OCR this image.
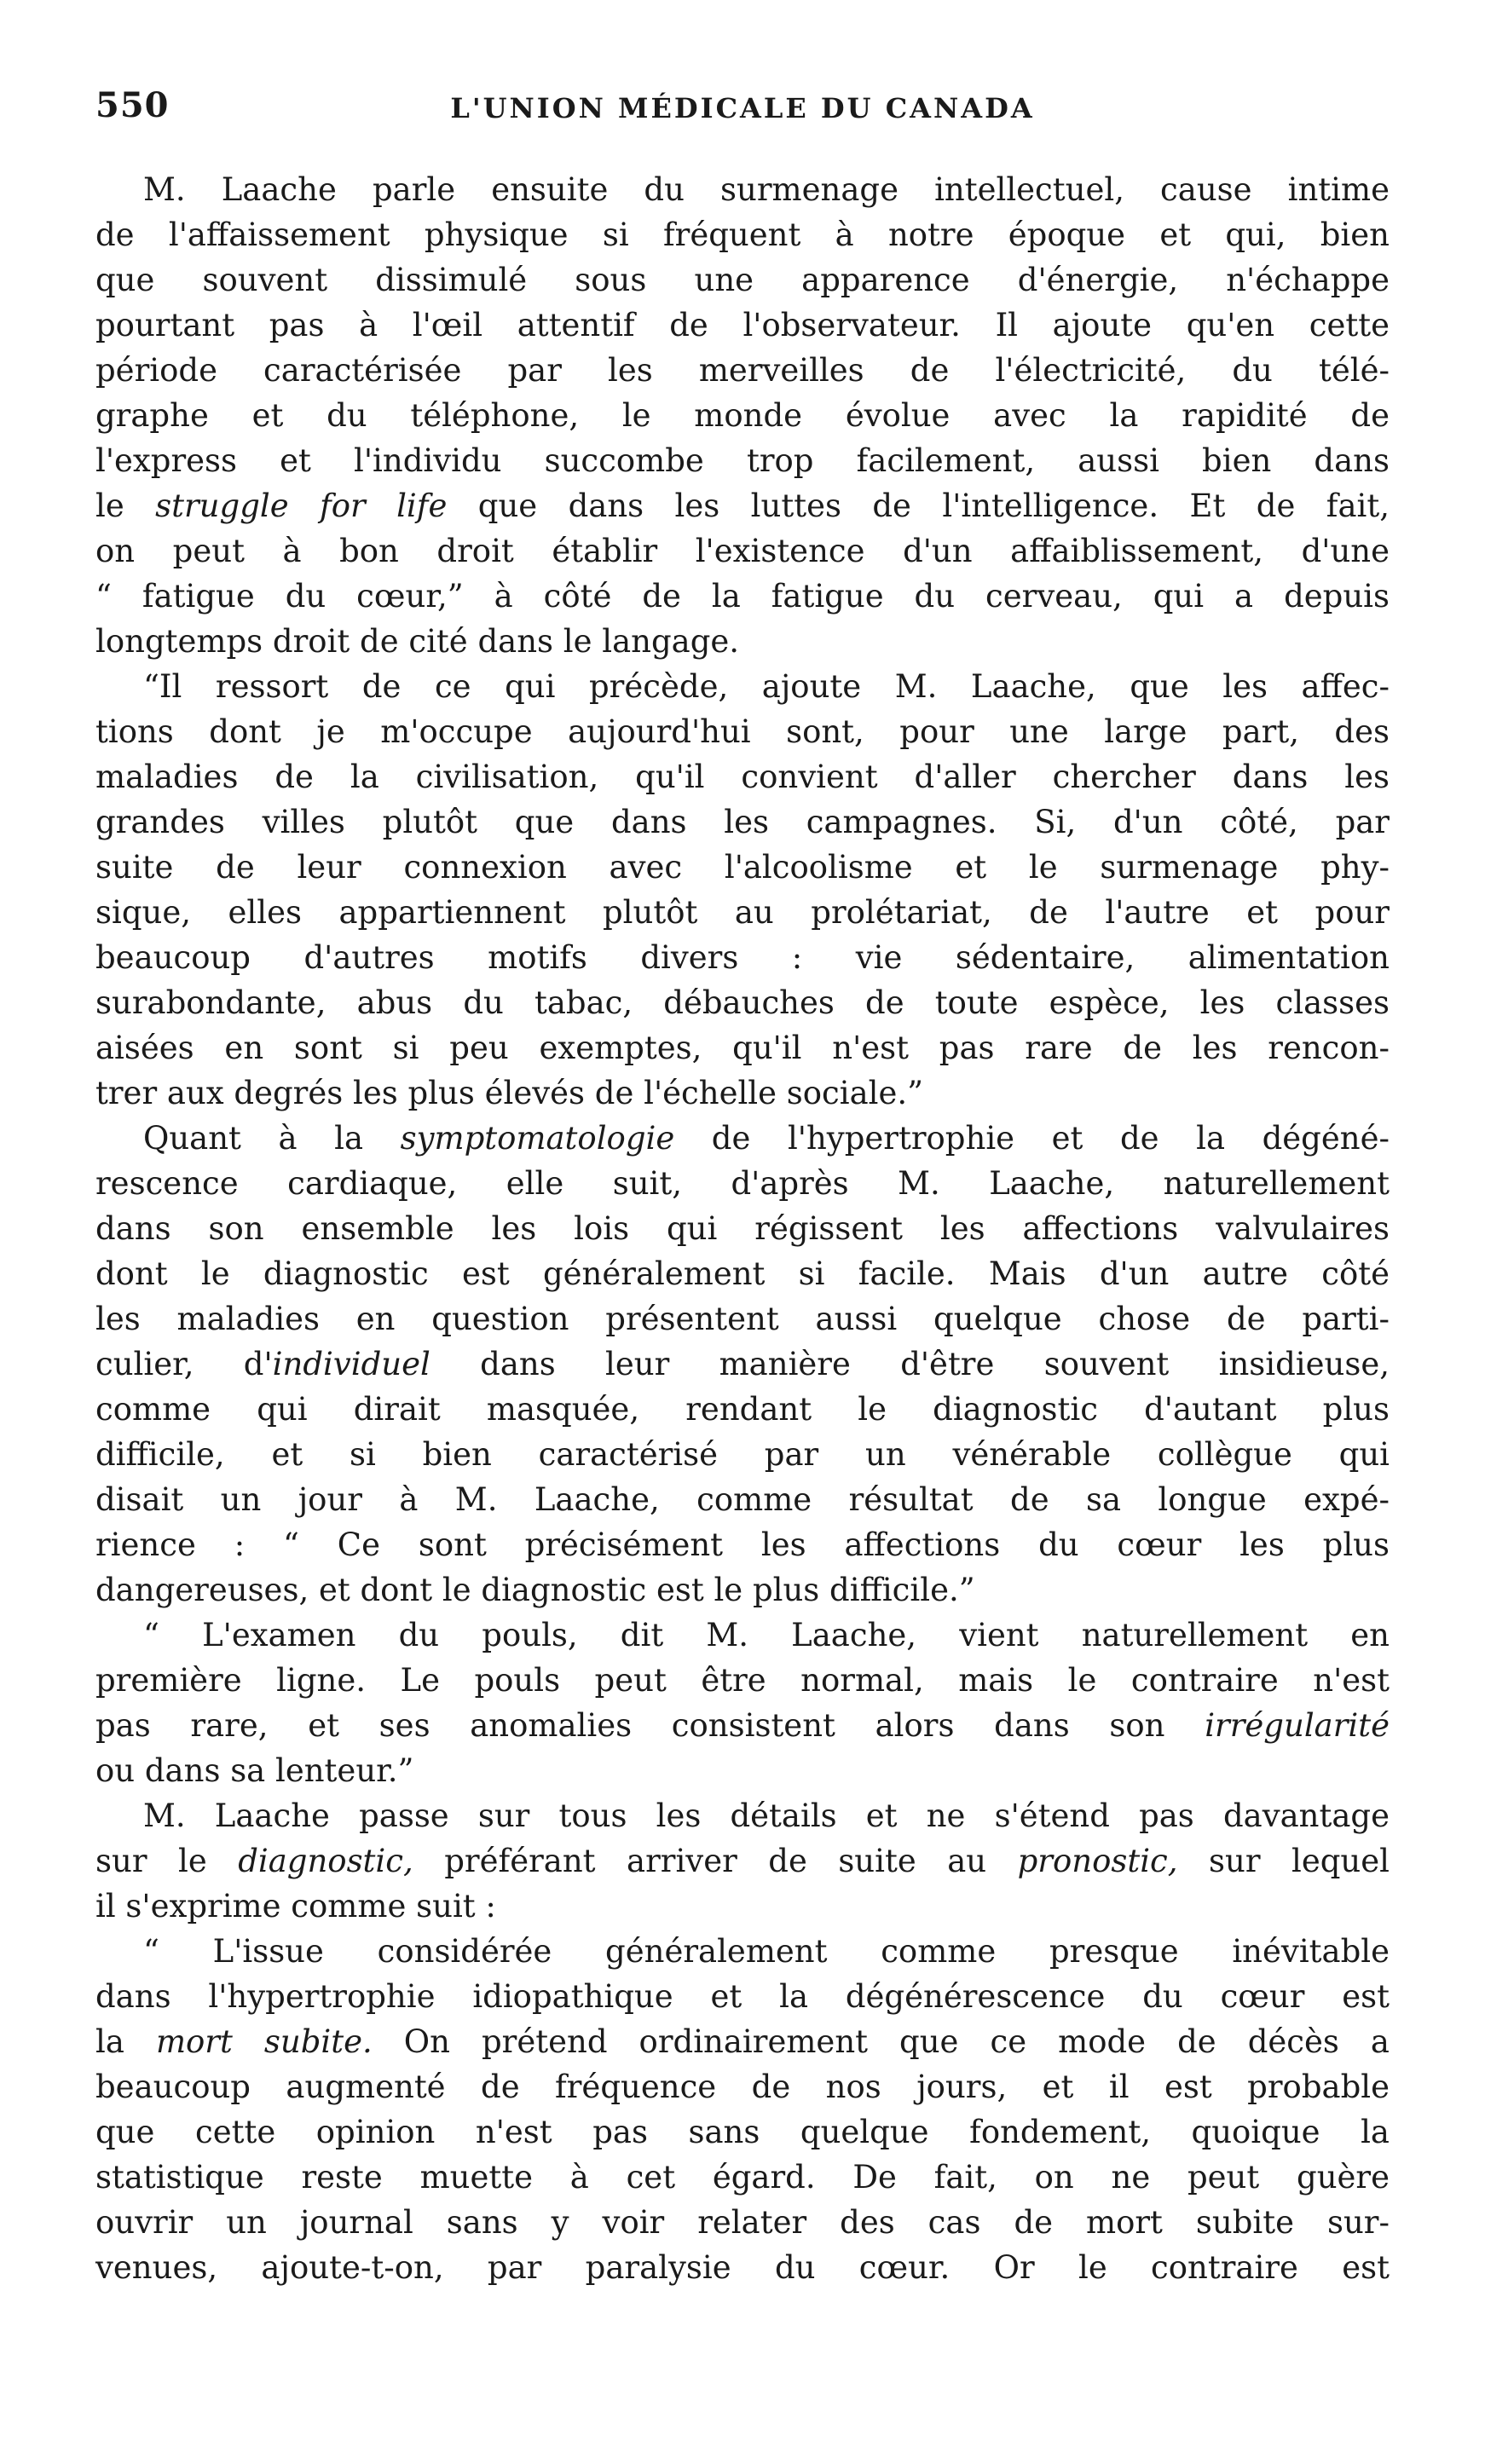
550	L'UNION MÉDICALE DU CANADA
M. Laache parle ensuite du surmenage intellectuel, cause intime
de l'affaissement physique si fréquent à notre époque et qui, bien
que souvent dissimulé sous une apparence d'énergie, n'échappe
pourtant pas à l'œil attentif de l'observateur. Il ajoute qu'en cette
période caractérisée par les merveilles de l'électricité, du télé-
graphe et du téléphone, le monde évolue avec la rapidité de
l'express et l'individu succombe trop facilement, aussi bien dans
le struggle for life que dans les luttes de l'intelligence. Et de fait,
on peut à bon droit établir l'existence d'un affaiblissement, d'une
“ fatigue du cœur,” à côté de la fatigue du cerveau, qui a depuis
longtemps droit de cité dans le langage.
“Il ressort de ce qui précède, ajoute M. Laache, que les affec-
tions dont je m'occupe aujourd'hui sont, pour une large part, des
maladies de la civilisation, qu'il convient d'aller chercher dans les
grandes villes plutôt que dans les campagnes. Si, d'un côté, par
suite de leur connexion avec l'alcoolisme et le surmenage phy-
sique, elles appartiennent plutôt au prolétariat, de l'autre et pour
beaucoup d'autres motifs divers : vie sédentaire, alimentation
surabondante, abus du tabac, débauches de toute espèce, les classes
aisées en sont si peu exemptes, qu'il n'est pas rare de les rencon-
trer aux degrés les plus élevés de l'échelle sociale.”
Quant à la symptomatologie de l'hypertrophie et de la dégéné-
rescence cardiaque, elle suit, d'après M. Laache, naturellement
dans son ensemble les lois qui régissent les affections valvulaires
dont le diagnostic est généralement si facile. Mais d'un autre côté
les maladies en question présentent aussi quelque chose de parti-
culier, d'individuel dans leur manière d'être souvent insidieuse,
comme qui dirait masquée, rendant le diagnostic d'autant plus
difficile, et si bien caractérisé par un vénérable collègue qui
disait un jour à M. Laache, comme résultat de sa longue expé-
rience : “ Ce sont précisément les affections du cœur les plus
dangereuses, et dont le diagnostic est le plus difficile.”
“ L'examen du pouls, dit M. Laache, vient naturellement en
première ligne. Le pouls peut être normal, mais le contraire n'est
pas rare, et ses anomalies consistent alors dans son irrégularité
ou dans sa lenteur.”
M. Laache passe sur tous les détails et ne s'étend pas davantage
sur le diagnostic, préférant arriver de suite au pronostic, sur lequel
il s'exprime comme suit :
“ L'issue considérée généralement comme presque inévitable
dans l'hypertrophie idiopathique et la dégénérescence du cœur est
la mort subite. On prétend ordinairement que ce mode de décès a
beaucoup augmenté de fréquence de nos jours, et il est probable
que cette opinion n'est pas sans quelque fondement, quoique la
statistique reste muette à cet égard. De fait, on ne peut guère
ouvrir un journal sans y voir relater des cas de mort subite sur-
venues, ajoute-t-on, par paralysie du cœur. Or le contraire est
